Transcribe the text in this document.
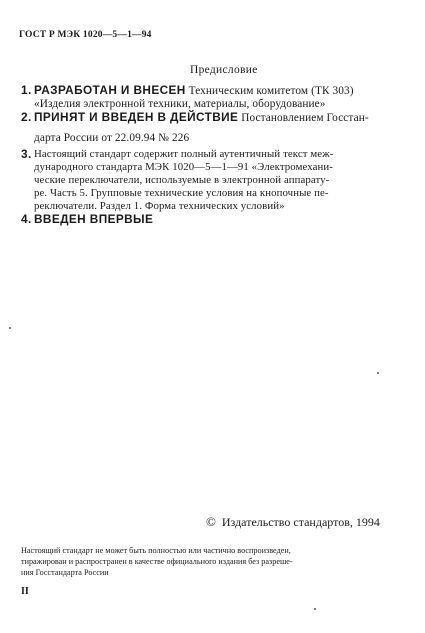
ГОСТ Р МЭК 1020—5—1—94
Предисловие
1. РАЗРАБОТАН И ВНЕСЕН Техническим комитетом (ТК 303)
«Изделия электронной техники, материалы, оборудование»
2. ПРИНЯТ И ВВЕДЕН В ДЕЙСТВИЕ Постановлением Госстан-
дарта России от 22.09.94 № 226
3. Настоящий стандарт содержит полный аутентичный текст меж-
дународного стандарта МЭК 1020—5—1—91 «Электромехани-
ческие переключатели, используемые в электронной аппарату-
ре. Часть 5. Групповые технические условия на кнопочные пе-
реключатели. Раздел 1. Форма технических условий»
4. ВВЕДЕН ВПЕРВЫЕ
© Издательство стандартов, 1994
Настоящий стандарт не может быть полностью или частично воспроизведен,
тиражирован и распространен в качестве официального издания без разреше-
ния Госстандарта России
II
